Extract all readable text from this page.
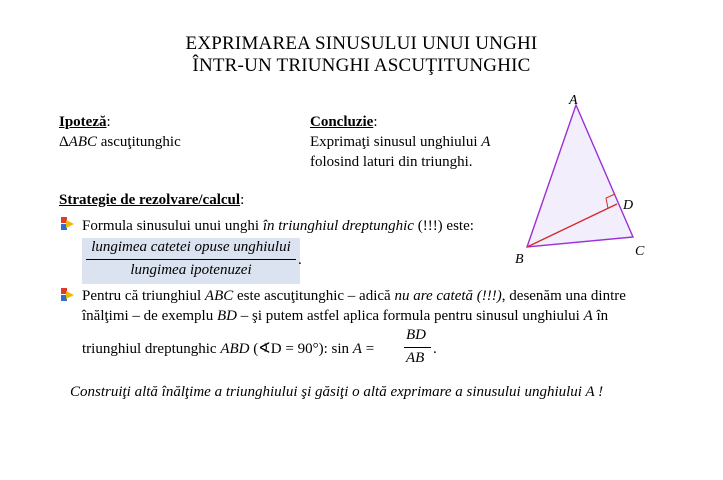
EXPRIMAREA SINUSULUI UNUI UNGHI
ÎNTR-UN TRIUNGHI ASCUŢITUNGHIC
Ipoteză:
ΔABC ascuţitunghic
Concluzie:
Exprimaţi sinusul unghiului A
folosind laturi din triunghi.
Strategie de rezolvare/calcul:
Formula sinusului unui unghi în triunghiul dreptunghic (!!!) este:
lungimea catetei opuse unghiului
lungimea ipotenuzei
.
Pentru că triunghiul ABC este ascuţitunghic – adică nu are catetă (!!!), desenăm una dintre
înălţimi – de exemplu BD – şi putem astfel aplica formula pentru sinusul unghiului A în
triunghiul dreptunghic ABD (∢D = 90°): sin A =
BD
AB
.
Construiţi altă înălţime a triunghiului şi găsiţi o altă exprimare a sinusului unghiului A !
A
B
C
D
